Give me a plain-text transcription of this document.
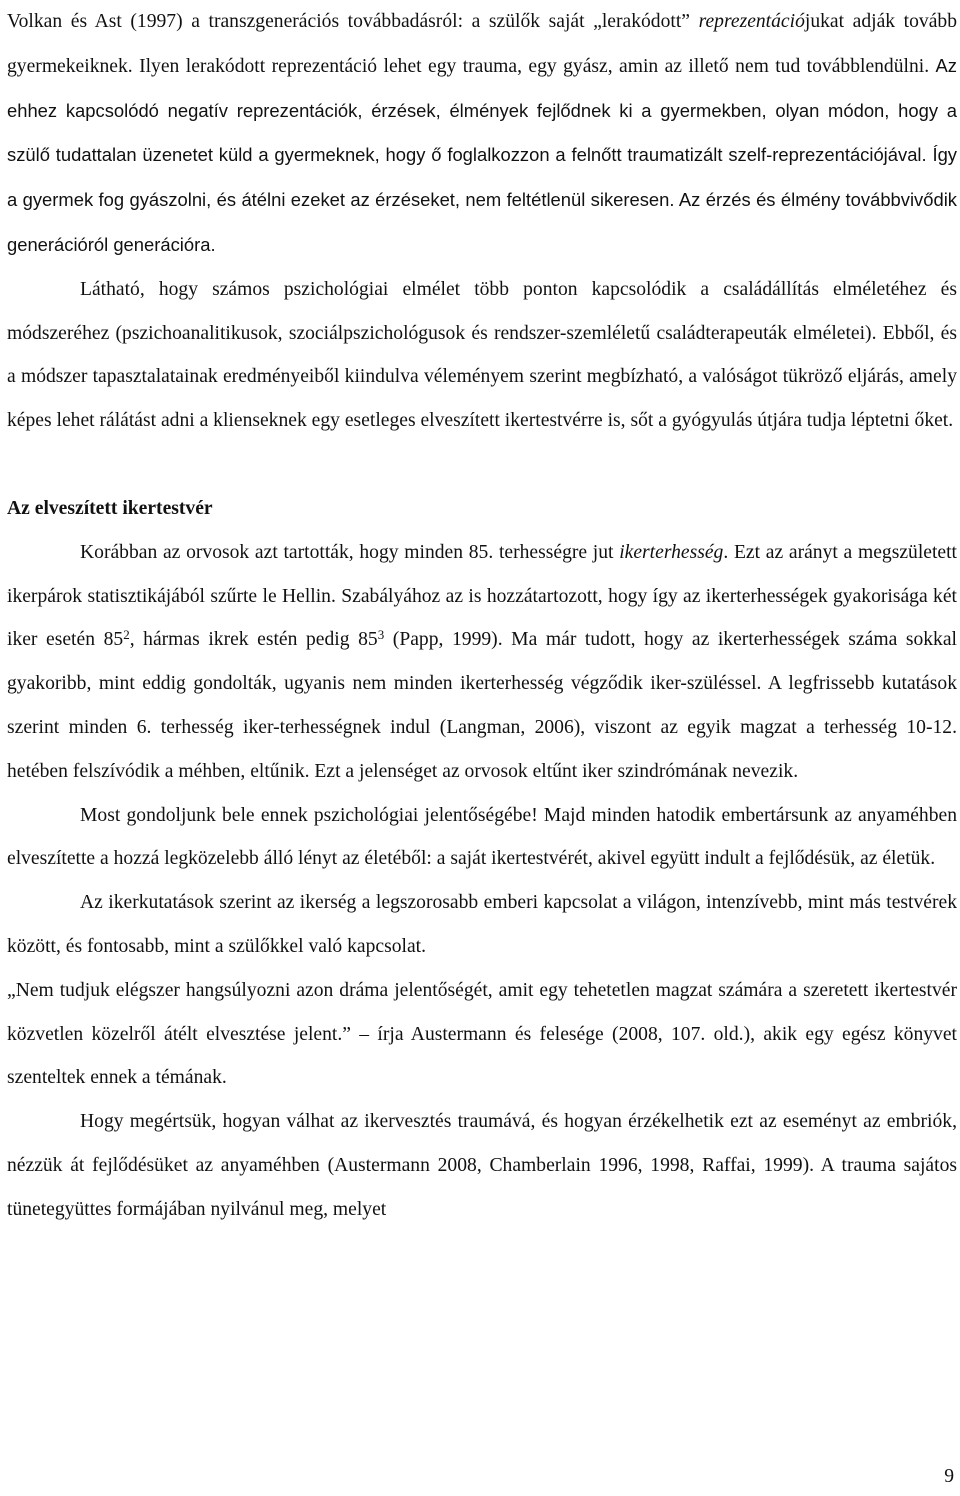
Volkan és Ast (1997) a transzgenerációs továbbadásról: a szülők saját „lerakódott” reprezentációjukat adják tovább gyermekeiknek. Ilyen lerakódott reprezentáció lehet egy trauma, egy gyász, amin az illető nem tud továbblendülni. Az ehhez kapcsolódó negatív reprezentációk, érzések, élmények fejlődnek ki a gyermekben, olyan módon, hogy a szülő tudattalan üzenetet küld a gyermeknek, hogy ő foglalkozzon a felnőtt traumatizált szelf-reprezentációjával. Így a gyermek fog gyászolni, és átélni ezeket az érzéseket, nem feltétlenül sikeresen. Az érzés és élmény továbbvivődik generációról generációra.

Látható, hogy számos pszichológiai elmélet több ponton kapcsolódik a családállítás elméletéhez és módszeréhez (pszichoanalitikusok, szociálpszichológusok és rendszer-szemléletű családterapeuták elméletei). Ebből, és a módszer tapasztalatainak eredményeiből kiindulva véleményem szerint megbízható, a valóságot tükröző eljárás, amely képes lehet rálátást adni a klienseknek egy esetleges elveszített ikertestvérre is, sőt a gyógyulás útjára tudja léptetni őket.

Az elveszített ikertestvér

Korábban az orvosok azt tartották, hogy minden 85. terhességre jut ikerterhesség. Ezt az arányt a megszületett ikerpárok statisztikájából szűrte le Hellin. Szabályához az is hozzátartozott, hogy így az ikerterhességek gyakorisága két iker esetén $85^2$, hármas ikrek estén pedig $85^3$ (Papp, 1999). Ma már tudott, hogy az ikerterhességek száma sokkal gyakoribb, mint eddig gondolták, ugyanis nem minden ikerterhesség végződik iker-szüléssel. A legfrissebb kutatások szerint minden 6. terhesség iker-terhességnek indul (Langman, 2006), viszont az egyik magzat a terhesség 10-12. hetében felszívódik a méhben, eltűnik. Ezt a jelenséget az orvosok eltűnt iker szindrómának nevezik.

Most gondoljunk bele ennek pszichológiai jelentőségébe! Majd minden hatodik embertársunk az anyaméhben elveszítette a hozzá legközelebb álló lényt az életéből: a saját ikertestvérét, akivel együtt indult a fejlődésük, az életük.

Az ikerkutatások szerint az ikerség a legszorosabb emberi kapcsolat a világon, intenzívebb, mint más testvérek között, és fontosabb, mint a szülőkkel való kapcsolat.

„Nem tudjuk elégszer hangsúlyozni azon dráma jelentőségét, amit egy tehetetlen magzat számára a szeretett ikertestvér közvetlen közelről átélt elvesztése jelent.” – írja Austermann és felesége (2008, 107. old.), akik egy egész könyvet szenteltek ennek a témának.

Hogy megértsük, hogyan válhat az ikervesztés traumává, és hogyan érzékelhetik ezt az eseményt az embriók, nézzük át fejlődésüket az anyaméhben (Austermann 2008, Chamberlain 1996, 1998, Raffai, 1999). A trauma sajátos tünetegyüttes formájában nyilvánul meg, melyet

9
